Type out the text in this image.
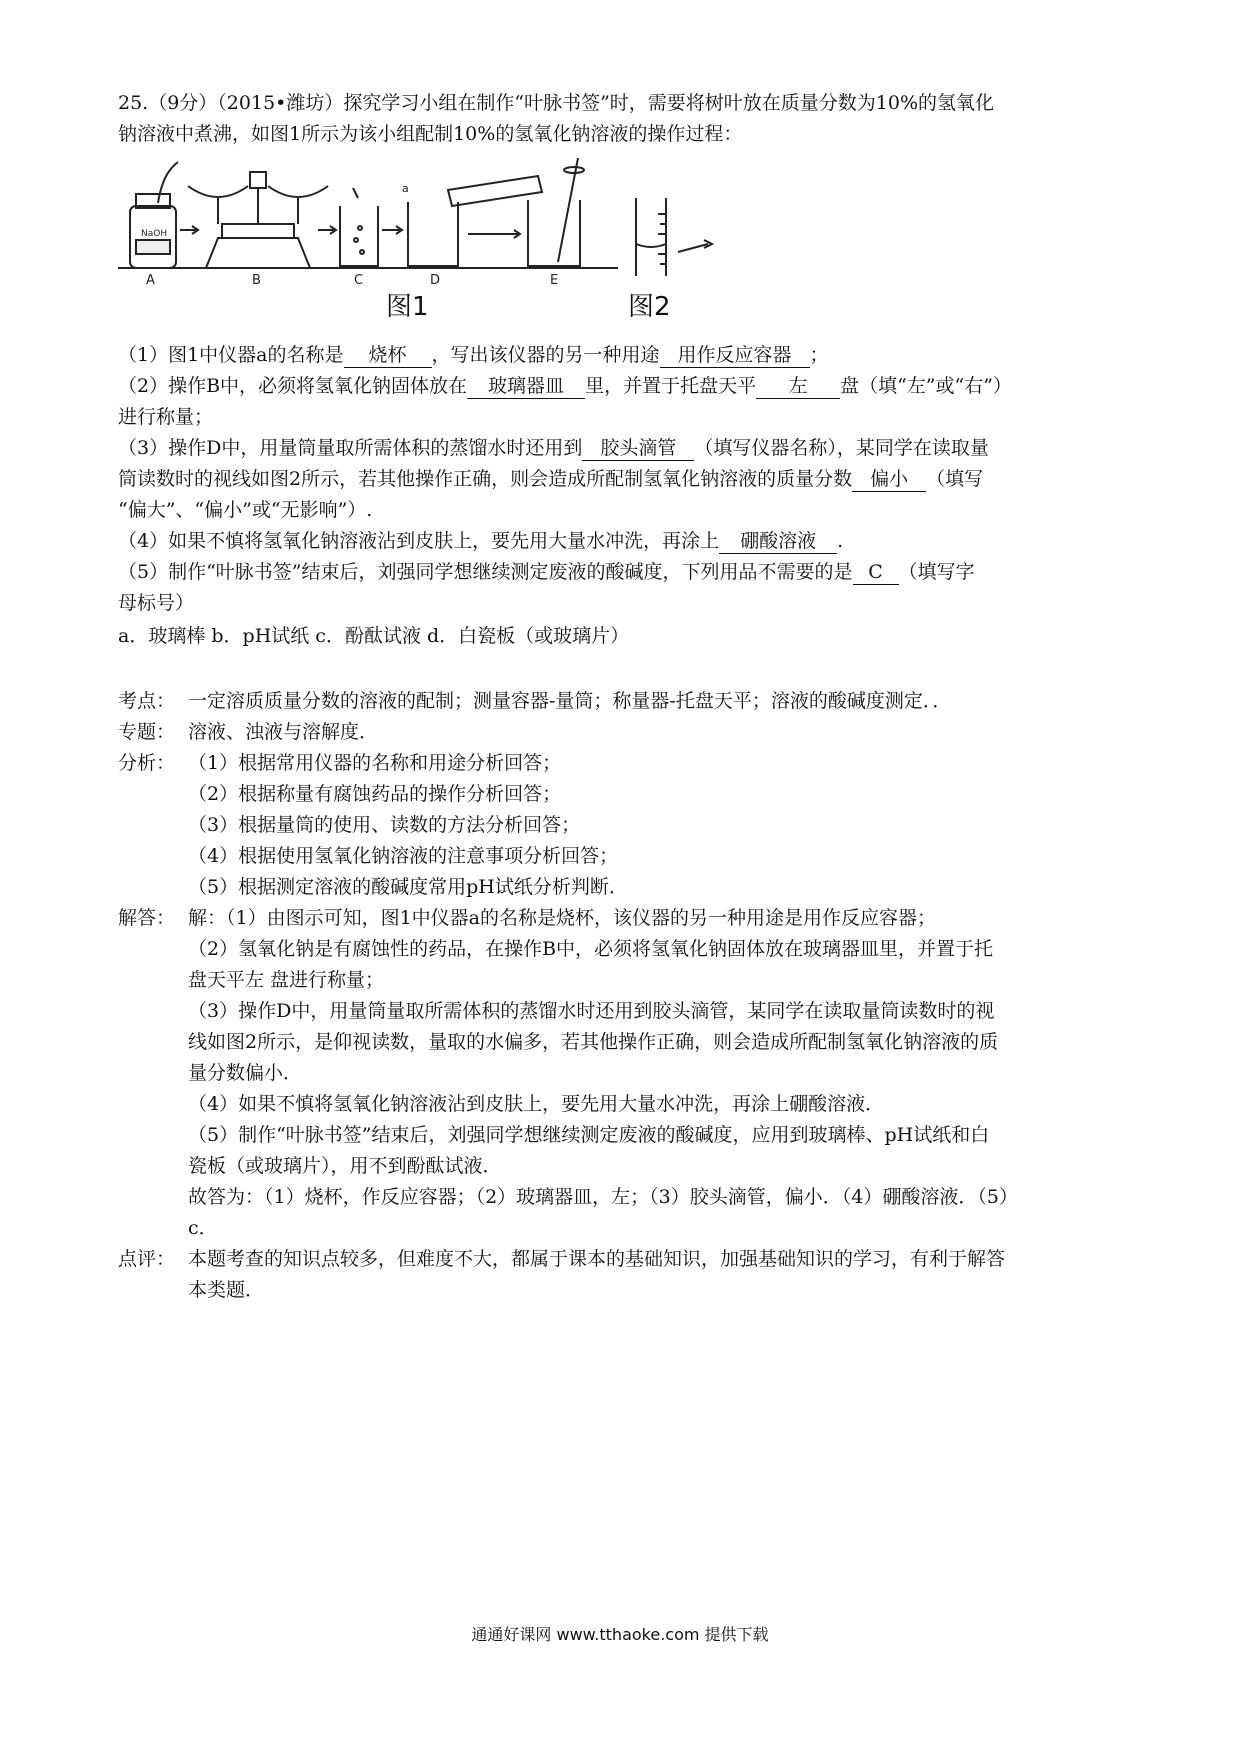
25.（9分）（2015•潍坊）探究学习小组在制作“叶脉书签”时，需要将树叶放在质量分数为10%的氢氧化

钠溶液中煮沸，如图1所示为该小组配制10%的氢氧化钠溶液的操作过程：

NaOH
a
A	B	C	D	E
图1	图2

（1）图1中仪器a的名称是 烧杯 ，写出该仪器的另一种用途 用作反应容器 ；

（2）操作B中，必须将氢氧化钠固体放在 玻璃器皿 里，并置于托盘天平 左 盘（填“左”或“右”）

进行称量；

（3）操作D中，用量筒量取所需体积的蒸馏水时还用到 胶头滴管 （填写仪器名称），某同学在读取量

筒读数时的视线如图2所示，若其他操作正确，则会造成所配制氢氧化钠溶液的质量分数 偏小 （填写

“偏大”、“偏小”或“无影响”）.

（4）如果不慎将氢氧化钠溶液沾到皮肤上，要先用大量水冲洗，再涂上 硼酸溶液 .

（5）制作“叶脉书签”结束后，刘强同学想继续测定废液的酸碱度，下列用品不需要的是 C （填写字

母标号）

a．玻璃棒 b．pH试纸 c．酚酞试液 d．白瓷板（或玻璃片）

考点： 一定溶质质量分数的溶液的配制；测量容器-量筒；称量器-托盘天平；溶液的酸碱度测定．．
专题： 溶液、浊液与溶解度．
分析： （1）根据常用仪器的名称和用途分析回答；

（2）根据称量有腐蚀药品的操作分析回答；

（3）根据量筒的使用、读数的方法分析回答；

（4）根据使用氢氧化钠溶液的注意事项分析回答；

（5）根据测定溶液的酸碱度常用pH试纸分析判断．

解答： 解：（1）由图示可知，图1中仪器a的名称是烧杯，该仪器的另一种用途是用作反应容器；

（2）氢氧化钠是有腐蚀性的药品，在操作B中，必须将氢氧化钠固体放在玻璃器皿里，并置于托

盘天平左 盘进行称量；

（3）操作D中，用量筒量取所需体积的蒸馏水时还用到胶头滴管，某同学在读取量筒读数时的视

线如图2所示，是仰视读数，量取的水偏多，若其他操作正确，则会造成所配制氢氧化钠溶液的质

量分数偏小．

（4）如果不慎将氢氧化钠溶液沾到皮肤上，要先用大量水冲洗，再涂上硼酸溶液．

（5）制作“叶脉书签”结束后，刘强同学想继续测定废液的酸碱度，应用到玻璃棒、pH试纸和白

瓷板（或玻璃片），用不到酚酞试液．

故答为：（1）烧杯，作反应容器；（2）玻璃器皿，左；（3）胶头滴管，偏小．（4）硼酸溶液．（5）

c．

点评： 本题考查的知识点较多，但难度不大，都属于课本的基础知识，加强基础知识的学习，有利于解答

本类题．

通通好课网 www.tthaoke.com 提供下载
